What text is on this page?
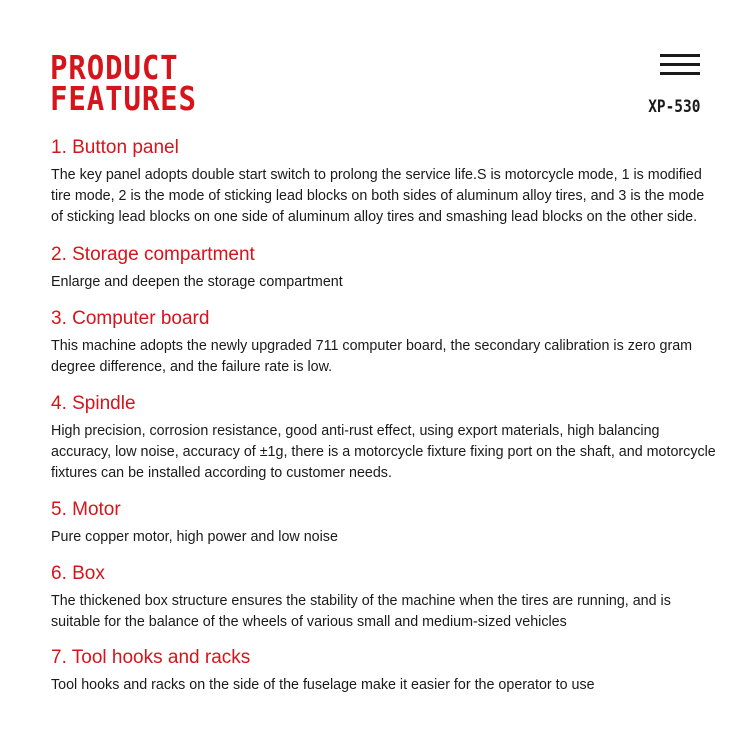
PRODUCT
FEATURES	XP-530
1. Button panel

The key panel adopts double start switch to prolong the service life.S is motorcycle mode, 1 is modified tire mode, 2 is the mode of sticking lead blocks on both sides of aluminum alloy tires, and 3 is the mode of sticking lead blocks on one side of aluminum alloy tires and smashing lead blocks on the other side.

2. Storage compartment

Enlarge and deepen the storage compartment

3. Computer board

This machine adopts the newly upgraded 711 computer board, the secondary calibration is zero gram degree difference, and the failure rate is low.

4. Spindle

High precision, corrosion resistance, good anti-rust effect, using export materials, high balancing accuracy, low noise, accuracy of ±1g, there is a motorcycle fixture fixing port on the shaft, and motorcycle fixtures can be installed according to customer needs.

5. Motor

Pure copper motor, high power and low noise

6. Box

The thickened box structure ensures the stability of the machine when the tires are running, and is suitable for the balance of the wheels of various small and medium-sized vehicles

7. Tool hooks and racks

Tool hooks and racks on the side of the fuselage make it easier for the operator to use
